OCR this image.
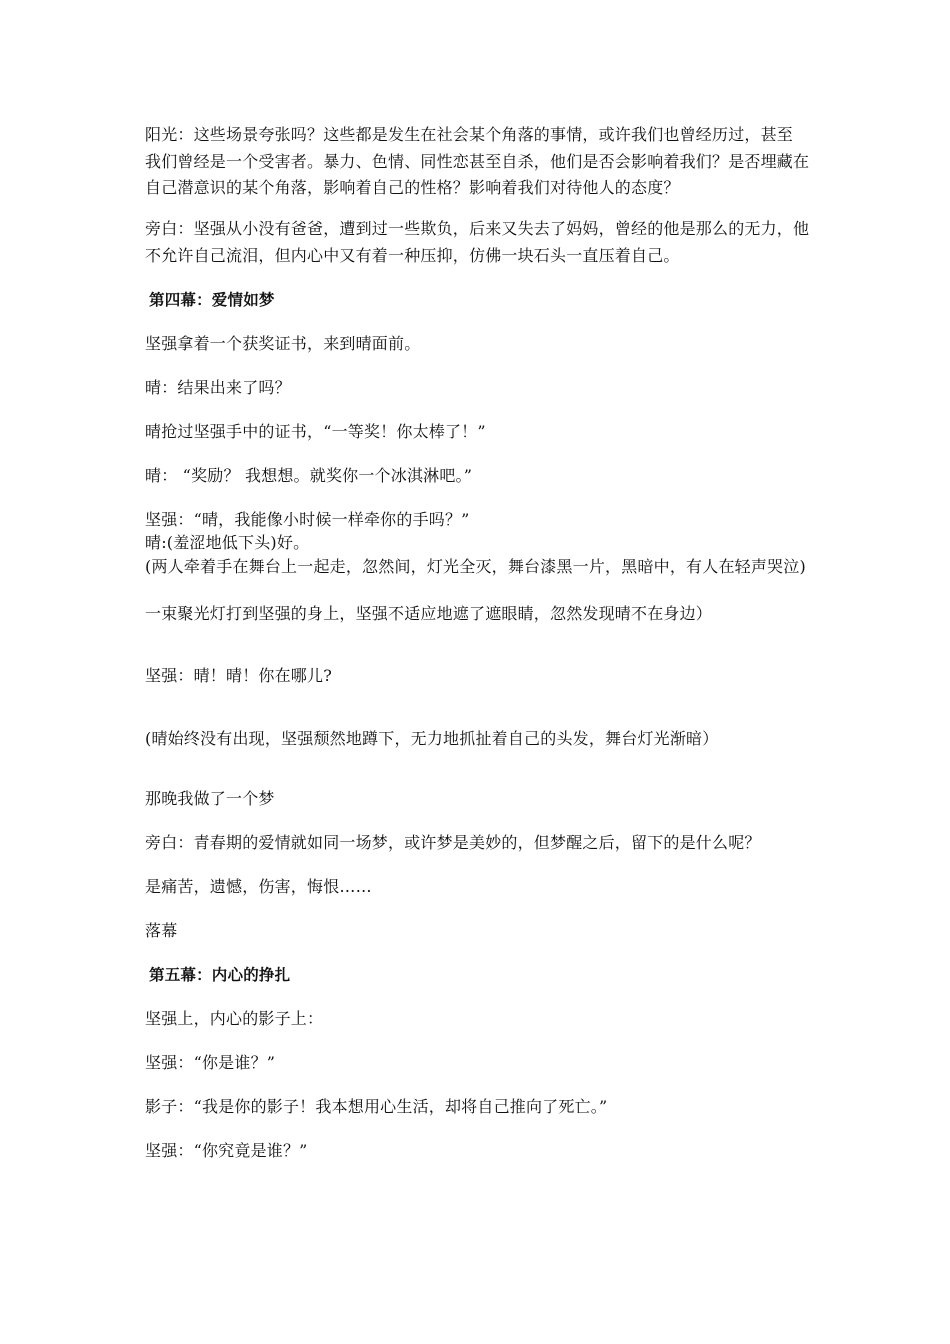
阳光：这些场景夸张吗？这些都是发生在社会某个角落的事情，或许我们也曾经历过，甚至
我们曾经是一个受害者。暴力、色情、同性恋甚至自杀，他们是否会影响着我们？是否埋藏在
自己潜意识的某个角落，影响着自己的性格？影响着我们对待他人的态度？
旁白：坚强从小没有爸爸，遭到过一些欺负，后来又失去了妈妈，曾经的他是那么的无力，他
不允许自己流泪，但内心中又有着一种压抑，仿佛一块石头一直压着自己。
第四幕：爱情如梦
坚强拿着一个获奖证书，来到晴面前。
晴：结果出来了吗？
晴抢过坚强手中的证书，“一等奖！你太棒了！”
晴： “奖励？ 我想想。就奖你一个冰淇淋吧。”
坚强：“晴，我能像小时候一样牵你的手吗？”
晴:(羞涩地低下头)好。
(两人牵着手在舞台上一起走，忽然间，灯光全灭，舞台漆黑一片，黑暗中，有人在轻声哭泣)
一束聚光灯打到坚强的身上，坚强不适应地遮了遮眼睛，忽然发现晴不在身边）
坚强：晴！晴！你在哪儿?
(晴始终没有出现，坚强颓然地蹲下，无力地抓扯着自己的头发，舞台灯光渐暗）
那晚我做了一个梦
旁白：青春期的爱情就如同一场梦，或许梦是美妙的，但梦醒之后，留下的是什么呢？
是痛苦，遗憾，伤害，悔恨……
落幕
第五幕：内心的挣扎
坚强上，内心的影子上：
坚强：“你是谁？”
影子：“我是你的影子！我本想用心生活，却将自己推向了死亡。”
坚强：“你究竟是谁？”
